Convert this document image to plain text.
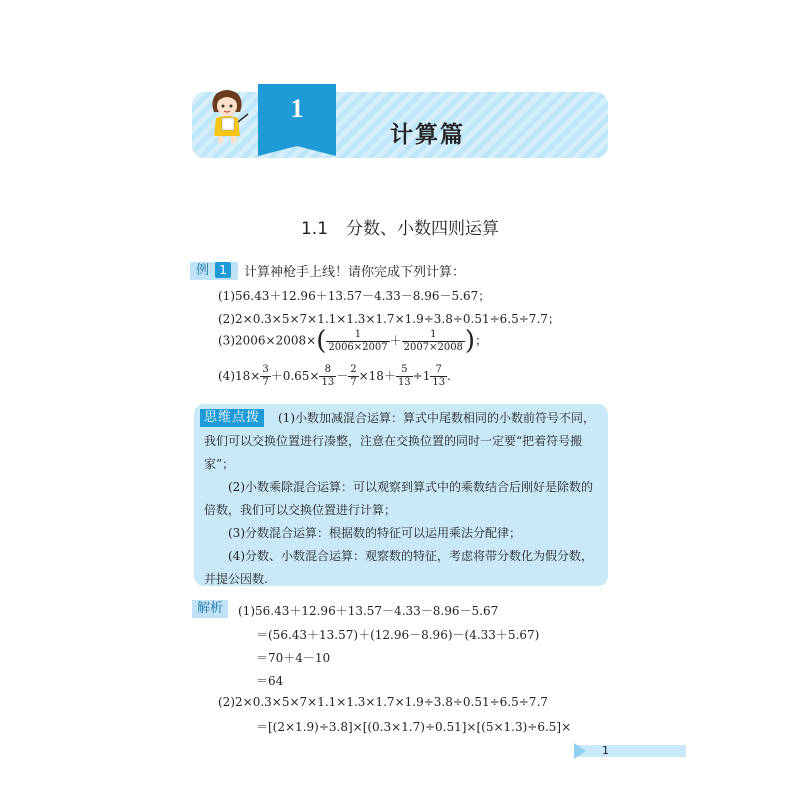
1
计算篇
1.1 分数、小数四则运算
例 1	计算神枪手上线！请你完成下列计算：
(1)56.43＋12.96＋13.57－4.33－8.96－5.67；
(2)2×0.3×5×7×1.1×1.3×1.7×1.9÷3.8÷0.51÷6.5÷7.7；
$(3)2006\times 2008\times( \frac{1}{2006\times 2007} + \frac{1}{2007\times 2008}$ )；
$(4)18\times \frac{3}{7} +0.65\times \frac{8}{13} - \frac{2}{7} \times 18+ \frac{5}{13} \div 1 \frac{7}{13}$ .
思维点拨	(1)小数加减混合运算：算式中尾数相同的小数前符号不同，我们可以交换位置进行凑整，注意在交换位置的同时一定要“把着符号搬家”；
(2)小数乘除混合运算：可以观察到算式中的乘数结合后刚好是除数的倍数，我们可以交换位置进行计算；
(3)分数混合运算：根据数的特征可以运用乘法分配律；
(4)分数、小数混合运算：观察数的特征，考虑将带分数化为假分数，并提公因数.
解析	(1)56.43＋12.96＋13.57－4.33－8.96－5.67
＝(56.43＋13.57)＋(12.96－8.96)－(4.33＋5.67)
＝70＋4－10
＝64
(2)2×0.3×5×7×1.1×1.3×1.7×1.9÷3.8÷0.51÷6.5÷7.7
＝[(2×1.9)÷3.8]×[(0.3×1.7)÷0.51]×[(5×1.3)÷6.5]×
1
